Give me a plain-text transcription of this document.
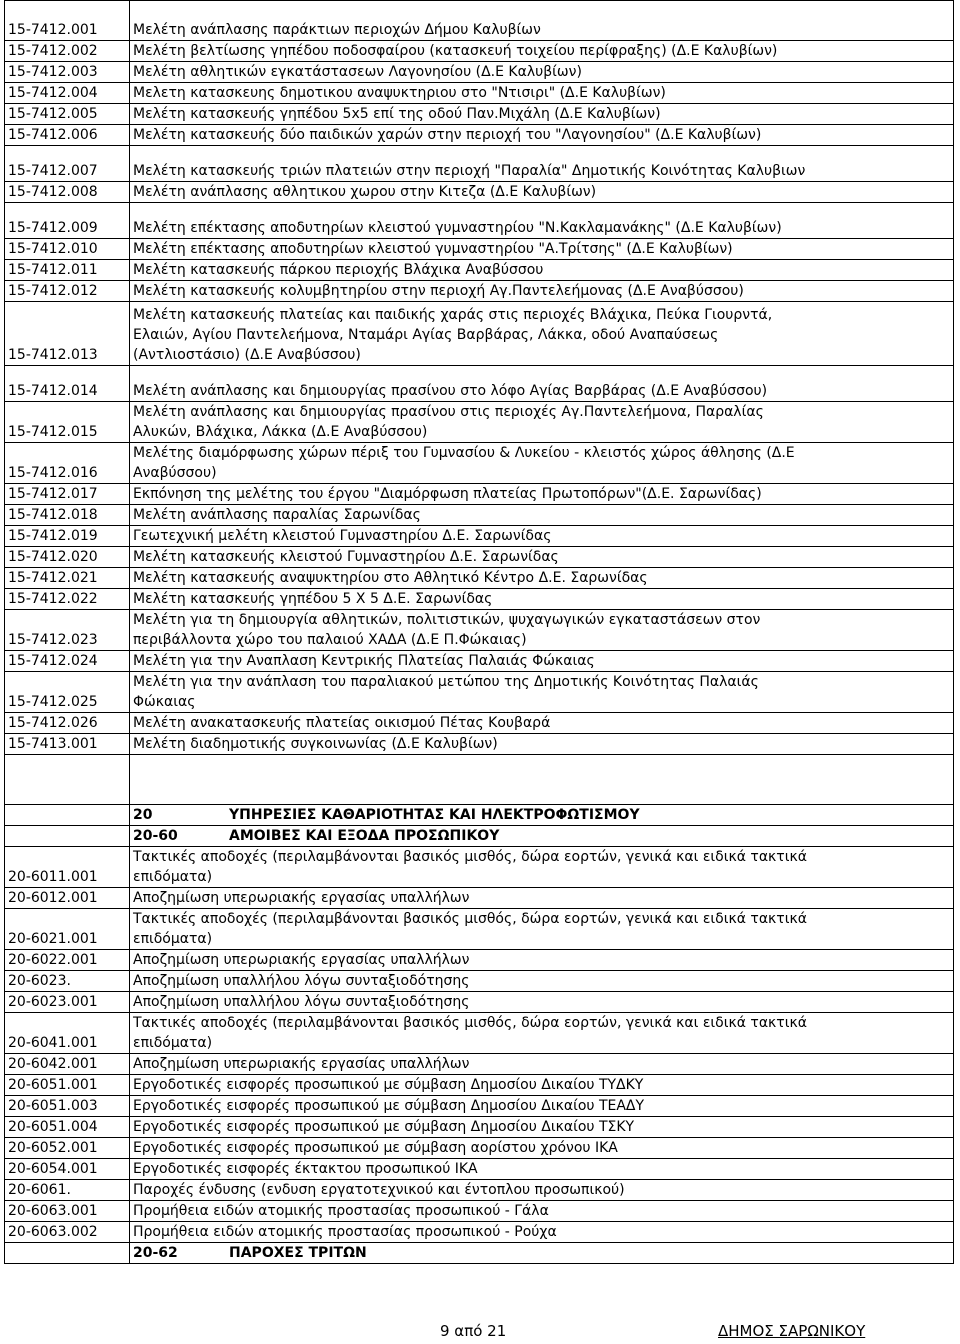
15-7412.001	Μελέτη ανάπλασης παράκτιων περιοχών Δήμου Καλυβίων

15-7412.002	Μελέτη βελτίωσης γηπέδου ποδοσφαίρου (κατασκευή τοιχείου περίφραξης) (Δ.Ε Καλυβίων)

15-7412.003	Μελέτη αθλητικών εγκατάστασεων Λαγονησίου (Δ.Ε Καλυβίων)

15-7412.004	Μελετη κατασκευης δημοτικου αναψυκτηριου στο "Ντισιρι" (Δ.Ε Καλυβίων)

15-7412.005	Μελέτη κατασκευής γηπέδου 5x5 επί της οδού Παν.Μιχάλη (Δ.Ε Καλυβίων)

15-7412.006	Μελέτη κατασκευής δύο παιδικών χαρών στην περιοχή του "Λαγονησίου" (Δ.Ε Καλυβίων)

15-7412.007	Μελέτη κατασκευής τριών πλατειών στην περιοχή "Παραλία" Δημοτικής Κοινότητας Καλυβιων

15-7412.008	Μελέτη ανάπλασης αθλητικου χωρου στην Κιτεζα (Δ.Ε Καλυβίων)

15-7412.009	Μελέτη επέκτασης αποδυτηρίων κλειστού γυμναστηρίου "Ν.Κακλαμανάκης" (Δ.Ε Καλυβίων)

15-7412.010	Μελέτη επέκτασης αποδυτηρίων κλειστού γυμναστηρίου "Α.Τρίτσης" (Δ.Ε Καλυβίων)

15-7412.011	Μελέτη κατασκευής πάρκου περιοχής Βλάχικα Αναβύσσου

15-7412.012	Μελέτη κατασκευής κολυμβητηρίου στην περιοχή Αγ.Παντελεήμονας (Δ.Ε Αναβύσσου)

15-7412.013	Μελέτη κατασκευής πλατείας και παιδικής χαράς στις περιοχές Βλάχικα, Πεύκα Γιουρντά,
Ελαιών, Αγίου Παντελεήμονα, Νταμάρι Αγίας Βαρβάρας, Λάκκα, οδού Αναπαύσεως
(Αντλιοστάσιο) (Δ.Ε Αναβύσσου)

15-7412.014	Μελέτη ανάπλασης και δημιουργίας πρασίνου στο λόφο Αγίας Βαρβάρας (Δ.Ε Αναβύσσου)

15-7412.015	Μελέτη ανάπλασης και δημιουργίας πρασίνου στις περιοχές Αγ.Παντελεήμονα, Παραλίας
Αλυκών, Βλάχικα, Λάκκα (Δ.Ε Αναβύσσου)

15-7412.016	Μελέτης διαμόρφωσης χώρων πέριξ του Γυμνασίου & Λυκείου - κλειστός χώρος άθλησης (Δ.Ε
Αναβύσσου)

15-7412.017	Εκπόνηση της μελέτης του έργου "Διαμόρφωση πλατείας Πρωτοπόρων"(Δ.Ε. Σαρωνίδας)

15-7412.018	Μελέτη ανάπλασης παραλίας Σαρωνίδας

15-7412.019	Γεωτεχνική μελέτη κλειστού Γυμναστηρίου Δ.Ε. Σαρωνίδας

15-7412.020	Μελέτη κατασκευής κλειστού Γυμναστηρίου Δ.Ε. Σαρωνίδας

15-7412.021	Μελέτη κατασκευής αναψυκτηρίου στο Αθλητικό Κέντρο Δ.Ε. Σαρωνίδας

15-7412.022	Μελέτη κατασκευής γηπέδου 5 Χ 5 Δ.Ε. Σαρωνίδας

15-7412.023	Μελέτη για τη δημιουργία αθλητικών, πολιτιστικών, ψυχαγωγικών εγκαταστάσεων στον
περιβάλλοντα χώρο του παλαιού ΧΑΔΑ (Δ.Ε Π.Φώκαιας)

15-7412.024	Μελέτη για την Αναπλαση Κεντρικής Πλατείας Παλαιάς Φώκαιας

15-7412.025	Μελέτη για την ανάπλαση του παραλιακού μετώπου της Δημοτικής Κοινότητας Παλαιάς
Φώκαιας

15-7412.026	Μελέτη ανακατασκευής πλατείας οικισμού Πέτας Κουβαρά

15-7413.001	Μελέτη διαδημοτικής συγκοινωνίας (Δ.Ε Καλυβίων)

	20 ΥΠΗΡΕΣΙΕΣ ΚΑΘΑΡΙΟΤΗΤΑΣ ΚΑΙ ΗΛΕΚΤΡΟΦΩΤΙΣΜΟΥ
	20-60 ΑΜΟΙΒΕΣ ΚΑΙ ΕΞΟΔΑ ΠΡΟΣΩΠΙΚΟΥ
20-6011.001	Τακτικές αποδοχές (περιλαμβάνονται βασικός μισθός, δώρα εορτών, γενικά και ειδικά τακτικά
επιδόματα)

20-6012.001	Αποζημίωση υπερωριακής εργασίας υπαλλήλων

20-6021.001	Τακτικές αποδοχές (περιλαμβάνονται βασικός μισθός, δώρα εορτών, γενικά και ειδικά τακτικά
επιδόματα)

20-6022.001	Αποζημίωση υπερωριακής εργασίας υπαλλήλων

20-6023.	Αποζημίωση υπαλλήλου λόγω συνταξιοδότησης

20-6023.001	Αποζημίωση υπαλλήλου λόγω συνταξιοδότησης

20-6041.001	Τακτικές αποδοχές (περιλαμβάνονται βασικός μισθός, δώρα εορτών, γενικά και ειδικά τακτικά
επιδόματα)

20-6042.001	Αποζημίωση υπερωριακής εργασίας υπαλλήλων

20-6051.001	Εργοδοτικές εισφορές προσωπικού με σύμβαση Δημοσίου Δικαίου ΤΥΔΚΥ

20-6051.003	Εργοδοτικές εισφορές προσωπικού με σύμβαση Δημοσίου Δικαίου ΤΕΑΔΥ

20-6051.004	Εργοδοτικές εισφορές προσωπικού με σύμβαση Δημοσίου Δικαίου ΤΣΚΥ

20-6052.001	Εργοδοτικές εισφορές προσωπικού με σύμβαση αορίστου χρόνου ΙΚΑ

20-6054.001	Εργοδοτικές εισφορές έκτακτου προσωπικού ΙΚΑ

20-6061.	Παροχές ένδυσης (ενδυση εργατοτεχνικού και έντοπλου προσωπικού)

20-6063.001	Προμήθεια ειδών ατομικής προστασίας προσωπικού - Γάλα

20-6063.002	Προμήθεια ειδών ατομικής προστασίας προσωπικού - Ρούχα

	20-62 ΠΑΡΟΧΕΣ ΤΡΙΤΩΝ
9 από 21	ΔΗΜΟΣ ΣΑΡΩΝΙΚΟΥ
